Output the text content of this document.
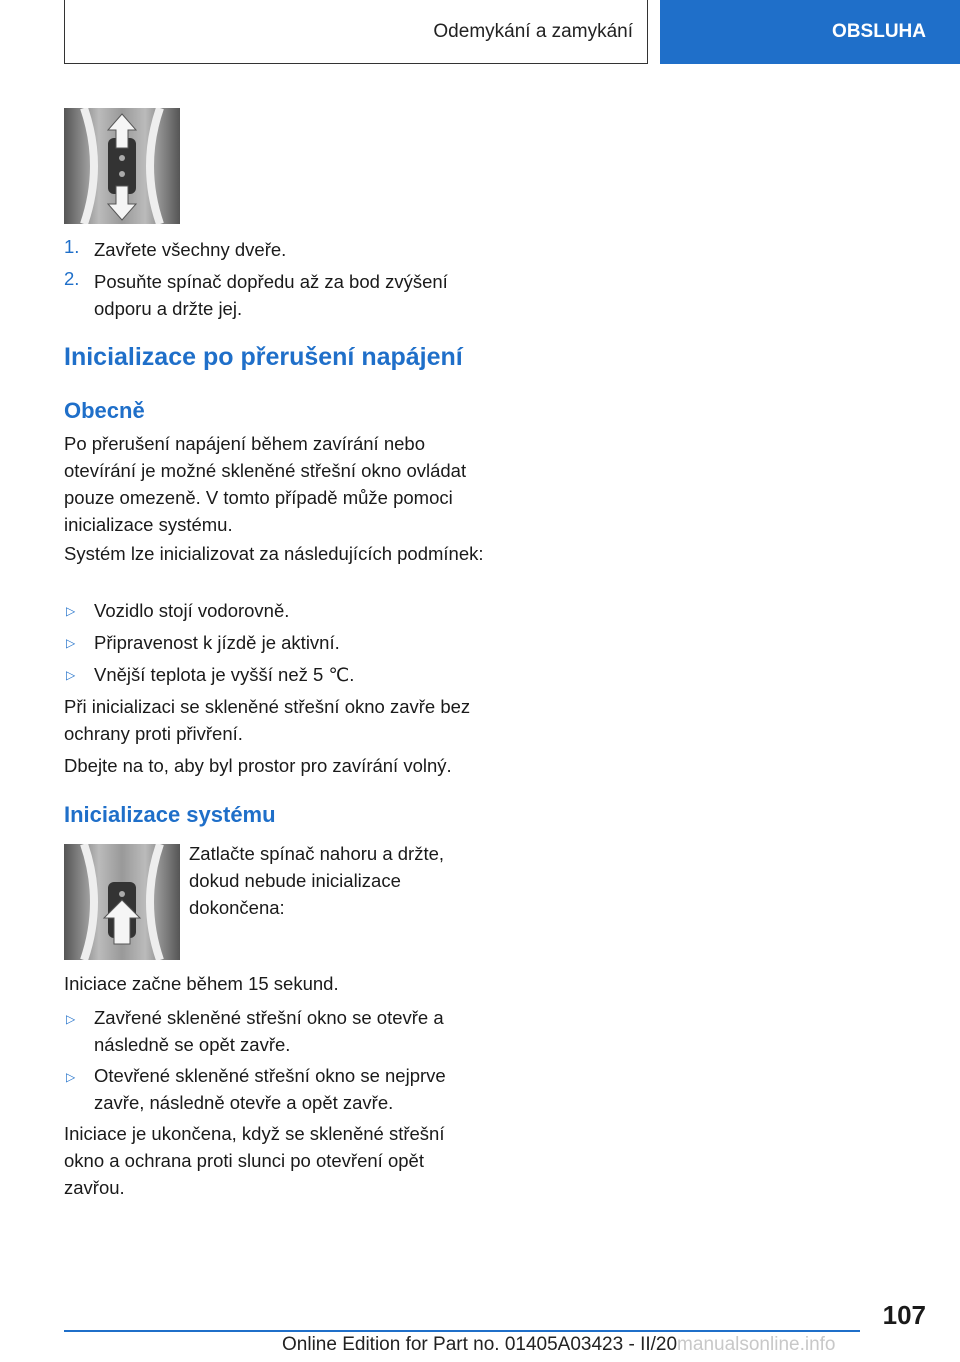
Odemykání a zamykání	OBSLUHA
1. Zavřete všechny dveře.
2. Posuňte spínač dopředu až za bod zvýšení odporu a držte jej.
Inicializace po přerušení napájení
Obecně
Po přerušení napájení během zavírání nebo otevírání je možné skleněné střešní okno ovládat pouze omezeně. V tomto případě může pomoci inicializace systému.
Systém lze inicializovat za následujících podmínek:
▷ Vozidlo stojí vodorovně.
▷ Připravenost k jízdě je aktivní.
▷ Vnější teplota je vyšší než 5 ℃.
Při inicializaci se skleněné střešní okno zavře bez ochrany proti přivření.
Dbejte na to, aby byl prostor pro zavírání volný.
Inicializace systému
Zatlačte spínač nahoru a držte, dokud nebude inicializace dokončena:
Iniciace začne během 15 sekund.
▷ Zavřené skleněné střešní okno se otevře a následně se opět zavře.
▷ Otevřené skleněné střešní okno se nejprve zavře, následně otevře a opět zavře.
Iniciace je ukončena, když se skleněné střešní okno a ochrana proti slunci po otevření opět zavřou.
107
Online Edition for Part no. 01405A03423 - II/20manualsonline.info
